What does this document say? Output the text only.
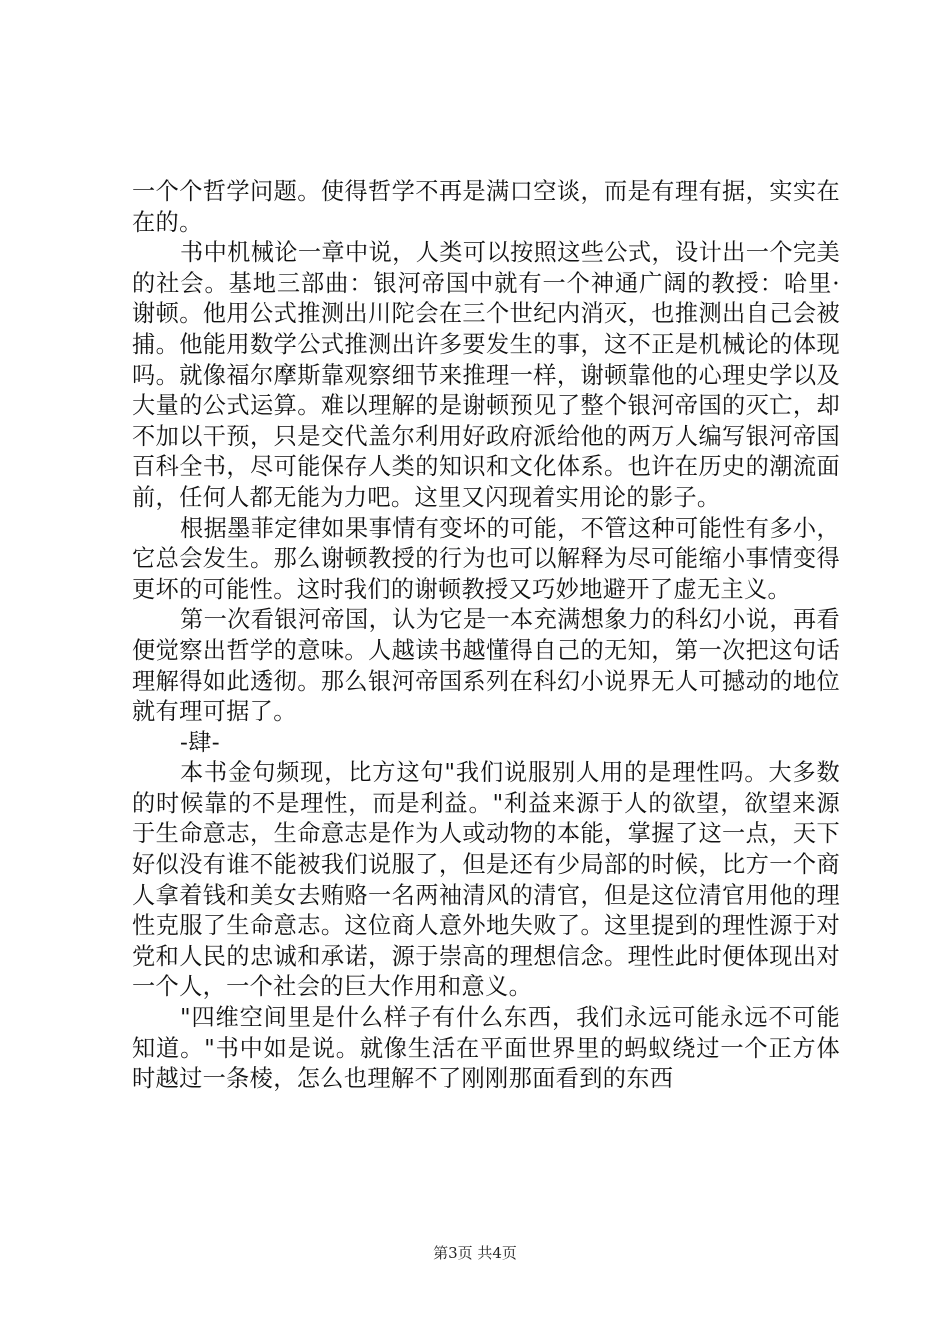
一个个哲学问题。使得哲学不再是满口空谈，而是有理有据，实实在在的。

书中机械论一章中说，人类可以按照这些公式，设计出一个完美的社会。基地三部曲：银河帝国中就有一个神通广阔的教授：哈里·谢顿。他用公式推测出川陀会在三个世纪内消灭，也推测出自己会被捕。他能用数学公式推测出许多要发生的事，这不正是机械论的体现吗。就像福尔摩斯靠观察细节来推理一样，谢顿靠他的心理史学以及大量的公式运算。难以理解的是谢顿预见了整个银河帝国的灭亡，却不加以干预，只是交代盖尔利用好政府派给他的两万人编写银河帝国百科全书，尽可能保存人类的知识和文化体系。也许在历史的潮流面前，任何人都无能为力吧。这里又闪现着实用论的影子。

根据墨菲定律如果事情有变坏的可能，不管这种可能性有多小，它总会发生。那么谢顿教授的行为也可以解释为尽可能缩小事情变得更坏的可能性。这时我们的谢顿教授又巧妙地避开了虚无主义。

第一次看银河帝国，认为它是一本充满想象力的科幻小说，再看便觉察出哲学的意味。人越读书越懂得自己的无知，第一次把这句话理解得如此透彻。那么银河帝国系列在科幻小说界无人可撼动的地位就有理可据了。

-肆-

本书金句频现，比方这句"我们说服别人用的是理性吗。大多数的时候靠的不是理性，而是利益。"利益来源于人的欲望，欲望来源于生命意志，生命意志是作为人或动物的本能，掌握了这一点，天下好似没有谁不能被我们说服了，但是还有少局部的时候，比方一个商人拿着钱和美女去贿赂一名两袖清风的清官，但是这位清官用他的理性克服了生命意志。这位商人意外地失败了。这里提到的理性源于对党和人民的忠诚和承诺，源于崇高的理想信念。理性此时便体现出对一个人，一个社会的巨大作用和意义。

"四维空间里是什么样子有什么东西，我们永远可能永远不可能知道。"书中如是说。就像生活在平面世界里的蚂蚁绕过一个正方体时越过一条棱，怎么也理解不了刚刚那面看到的东西

第3页 共4页
